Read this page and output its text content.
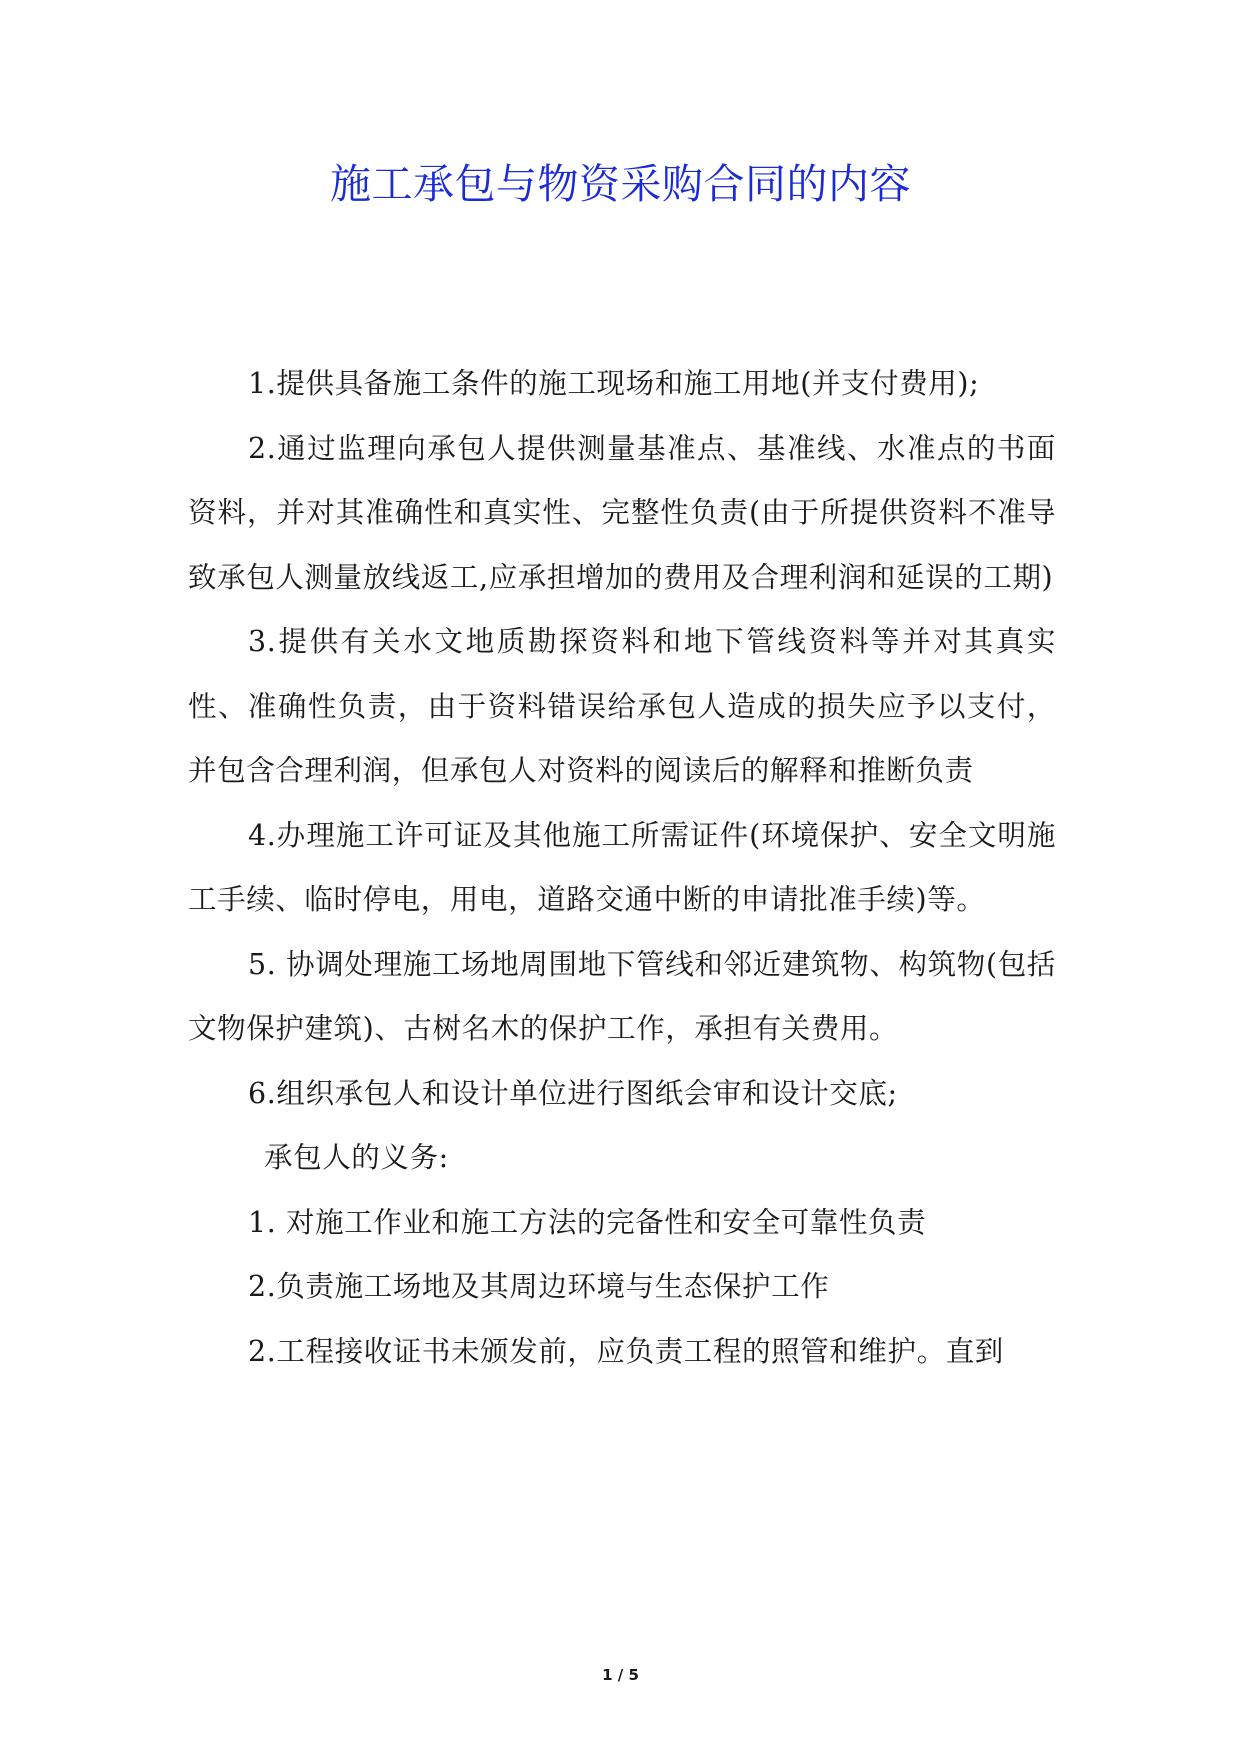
施工承包与物资采购合同的内容

1.提供具备施工条件的施工现场和施工用地(并支付费用);

2.通过监理向承包人提供测量基准点、基准线、水准点的书面资料，并对其准确性和真实性、完整性负责(由于所提供资料不准导致承包人测量放线返工,应承担增加的费用及合理利润和延误的工期)

3.提供有关水文地质勘探资料和地下管线资料等并对其真实性、准确性负责，由于资料错误给承包人造成的损失应予以支付，并包含合理利润，但承包人对资料的阅读后的解释和推断负责

4.办理施工许可证及其他施工所需证件(环境保护、安全文明施工手续、临时停电，用电，道路交通中断的申请批准手续)等。

5. 协调处理施工场地周围地下管线和邻近建筑物、构筑物(包括文物保护建筑)、古树名木的保护工作，承担有关费用。

6.组织承包人和设计单位进行图纸会审和设计交底;

承包人的义务:

1. 对施工作业和施工方法的完备性和安全可靠性负责

2.负责施工场地及其周边环境与生态保护工作

2.工程接收证书未颁发前，应负责工程的照管和维护。直到

1 / 5
